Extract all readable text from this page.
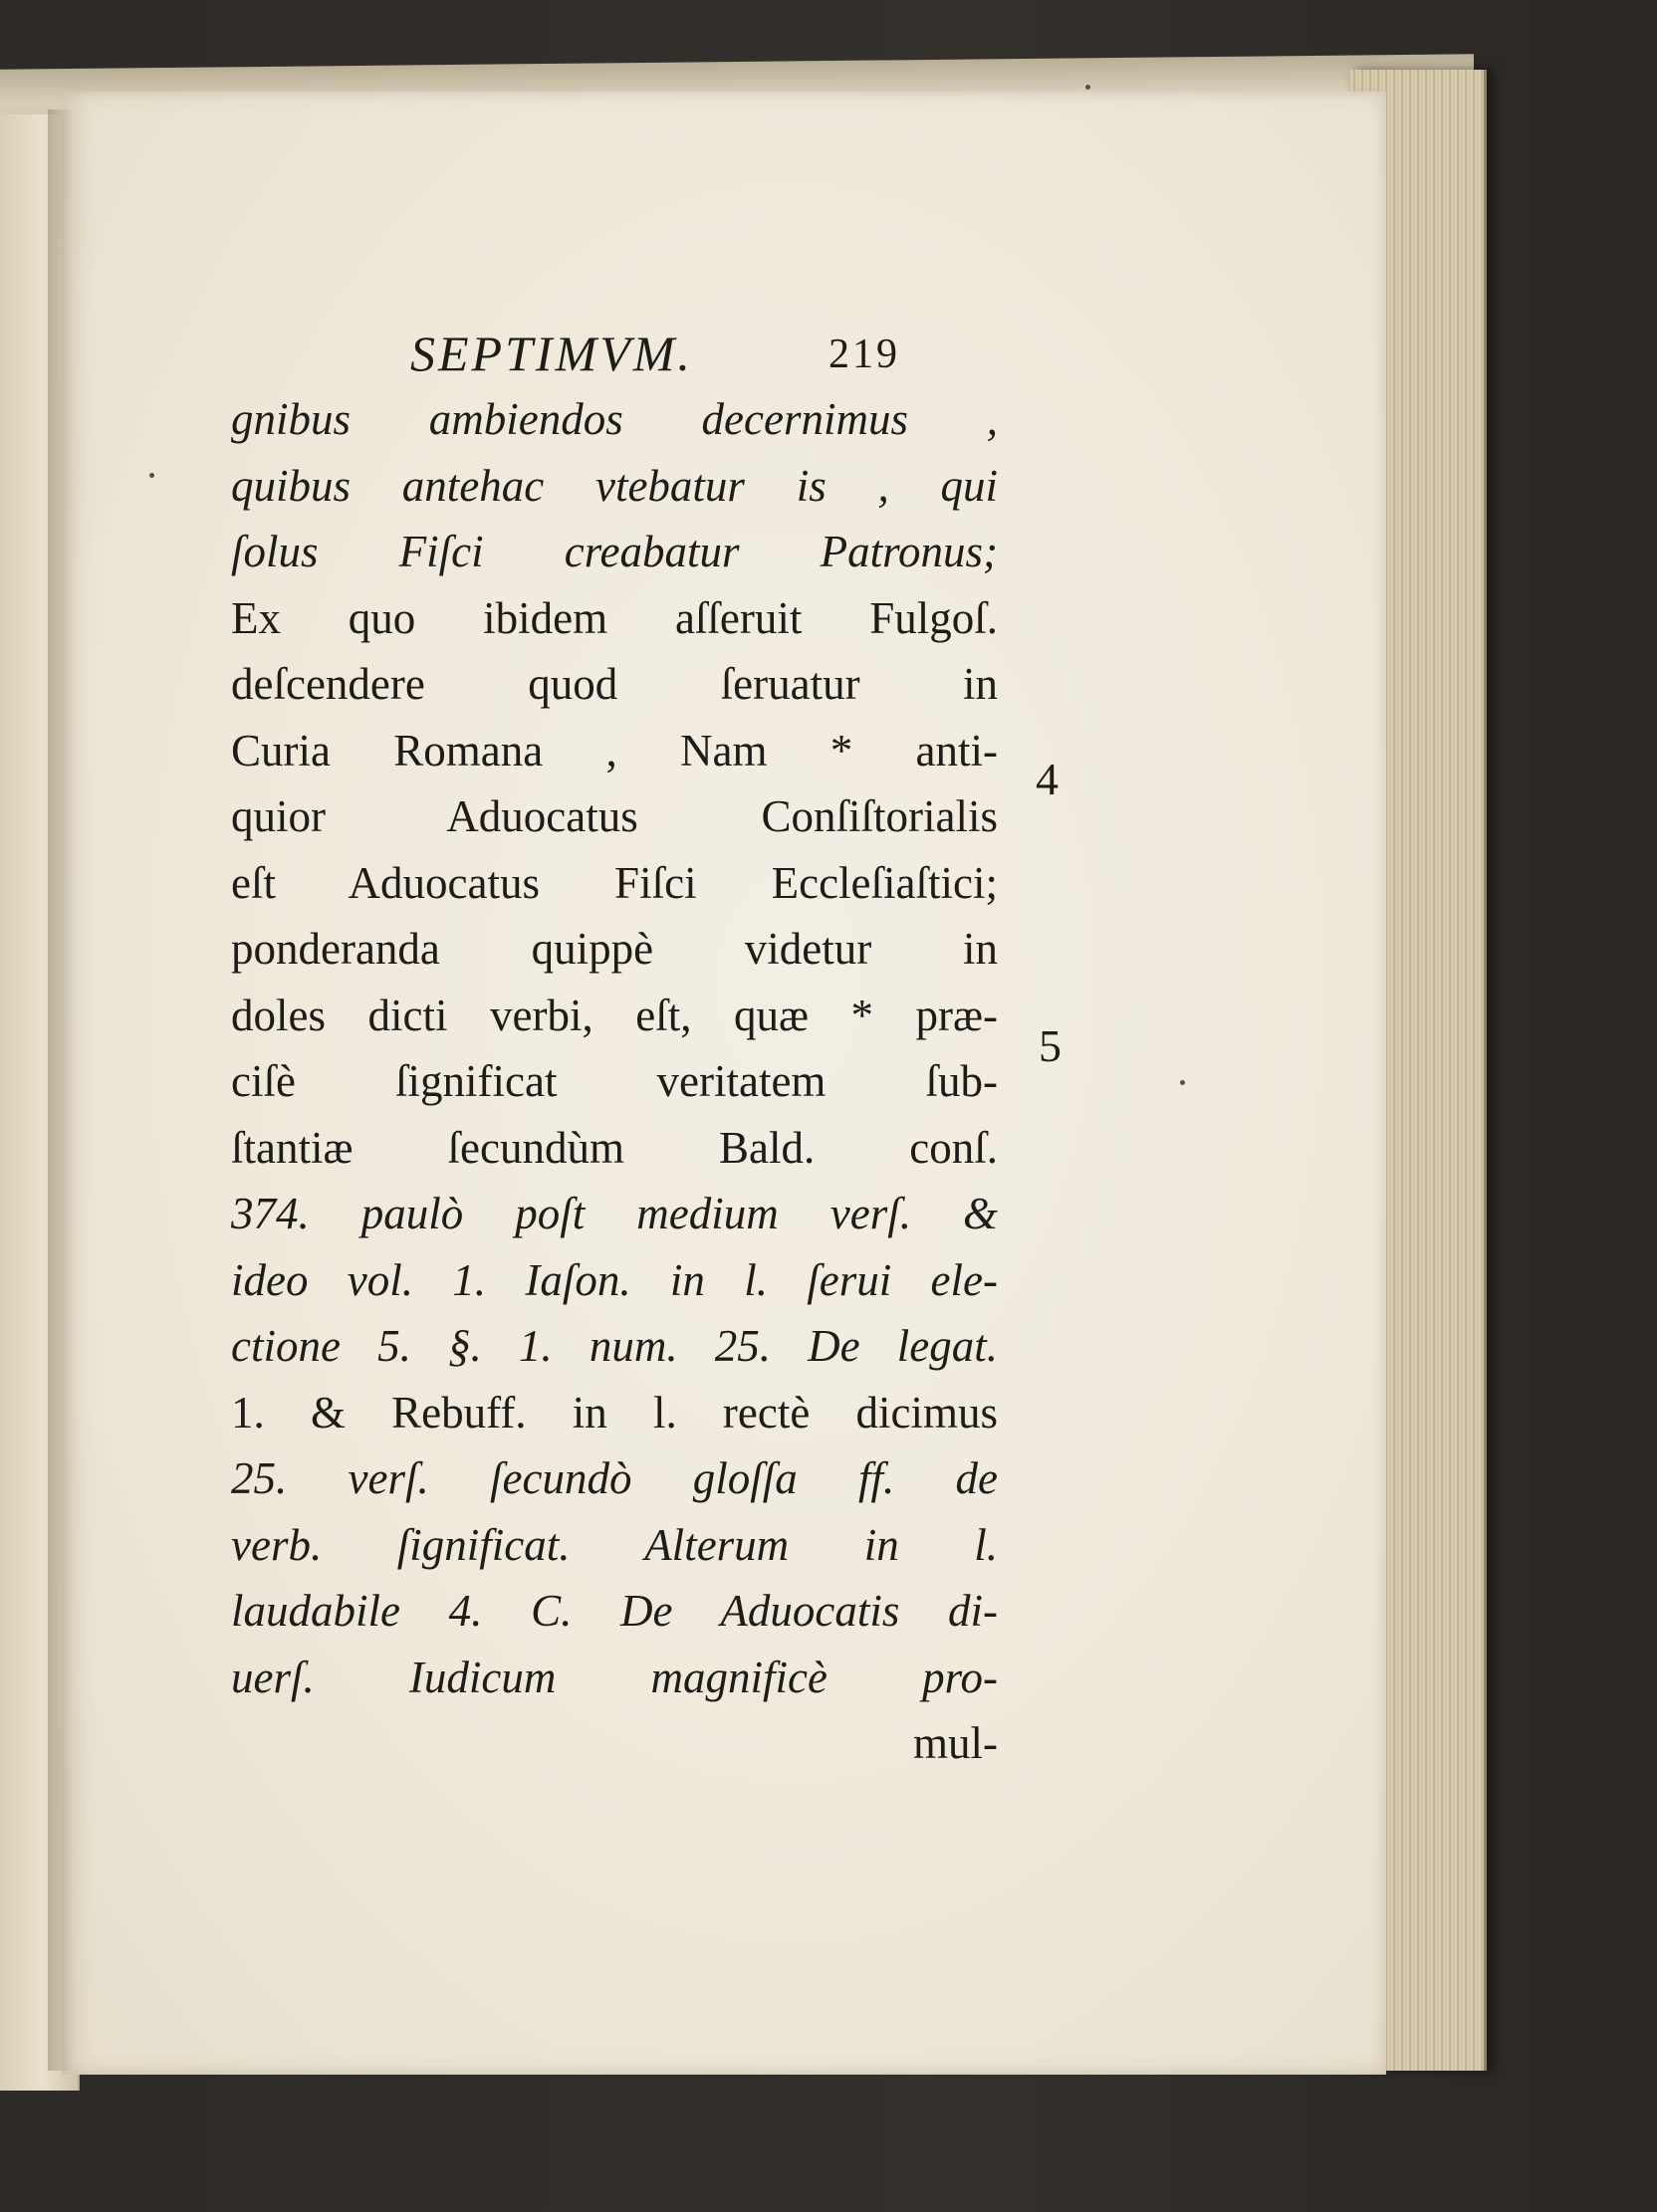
SEPTIMVM.	219
gnibus ambiendos decernimus ,
quibus antehac vtebatur is , qui
ſolus Fiſci creabatur Patronus;
Ex quo ibidem aſſeruit Fulgoſ.
deſcendere quod ſeruatur in
Curia Romana , Nam * anti-
quior Aduocatus Conſiſtorialis
eſt Aduocatus Fiſci Eccleſiaſtici;
ponderanda quippè videtur in
doles dicti verbi, eſt, quæ * præ-
ciſè ſignificat veritatem ſub-
ſtantiæ ſecundùm Bald. conſ.
374. paulò poſt medium verſ. &
ideo vol. 1. Iaſon. in l. ſerui ele-
ctione 5. §. 1. num. 25. De legat.
1. & Rebuff. in l. rectè dicimus
25. verſ. ſecundò gloſſa ff. de
verb. ſignificat. Alterum in l.
laudabile 4. C. De Aduocatis di-
uerſ. Iudicum magnificè pro-
mul-
4
5
